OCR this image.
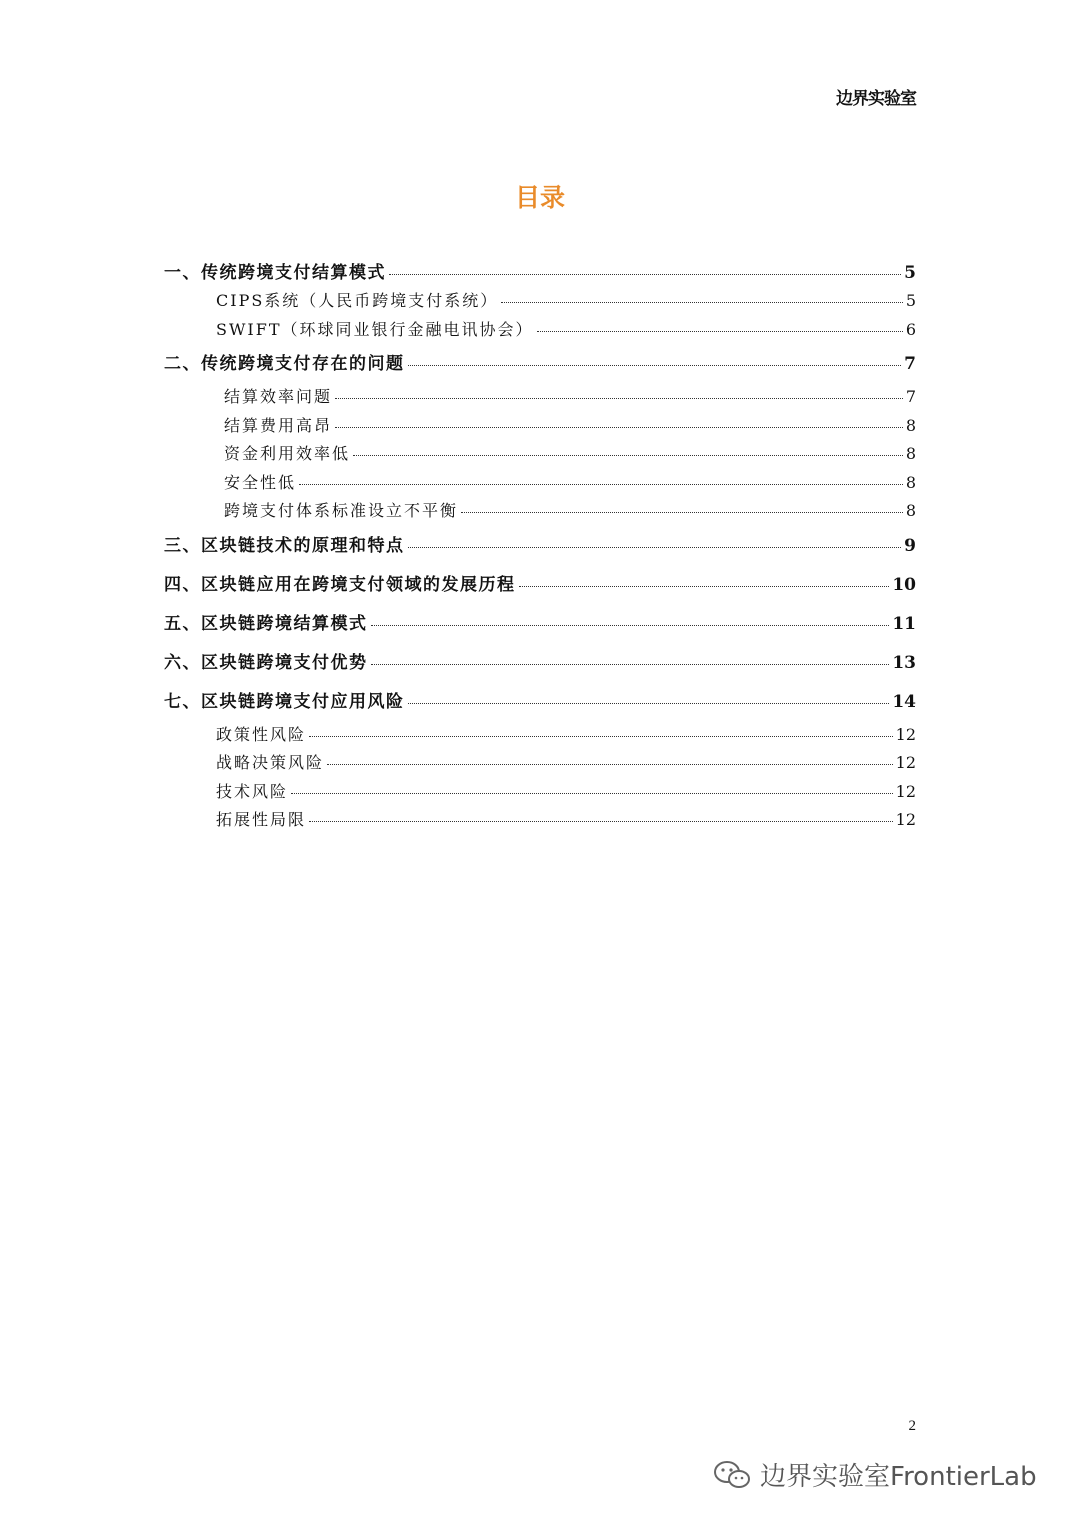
边界实验室
目录
一、传统跨境支付结算模式	5
CIPS系统（人民币跨境支付系统）	5
SWIFT（环球同业银行金融电讯协会）	6
二、传统跨境支付存在的问题	7
结算效率问题	7
结算费用高昂	8
资金利用效率低	8
安全性低	8
跨境支付体系标准设立不平衡	8
三、区块链技术的原理和特点	9
四、区块链应用在跨境支付领域的发展历程	10
五、区块链跨境结算模式	11
六、区块链跨境支付优势	13
七、区块链跨境支付应用风险	14
政策性风险	12
战略决策风险	12
技术风险	12
拓展性局限	12
2
边界实验室FrontierLab
